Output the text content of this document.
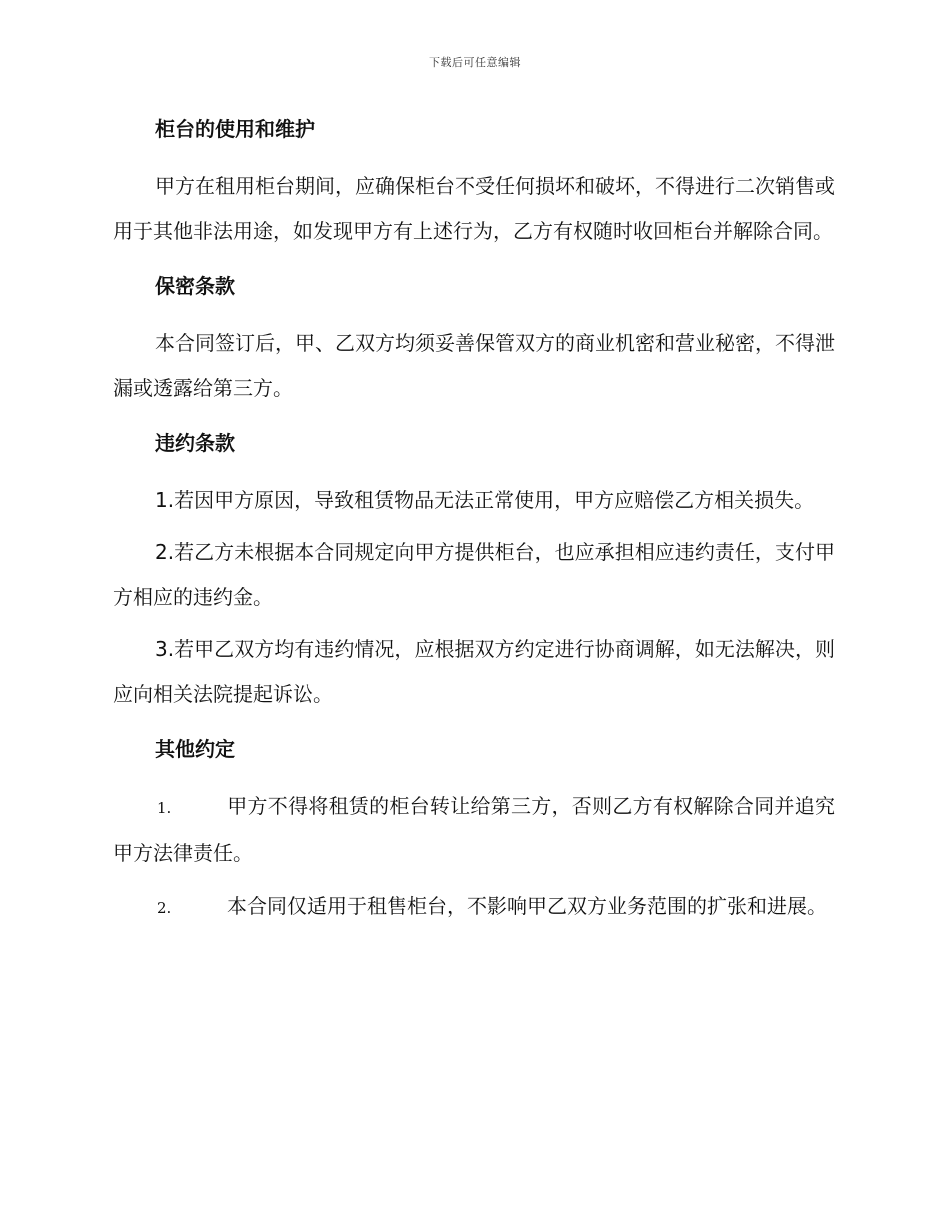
下载后可任意编辑
柜台的使用和维护

甲方在租用柜台期间，应确保柜台不受任何损坏和破坏，不得进行二次销售或用于其他非法用途，如发现甲方有上述行为，乙方有权随时收回柜台并解除合同。

保密条款

本合同签订后，甲、乙双方均须妥善保管双方的商业机密和营业秘密，不得泄漏或透露给第三方。

违约条款

1.若因甲方原因，导致租赁物品无法正常使用，甲方应赔偿乙方相关损失。

2.若乙方未根据本合同规定向甲方提供柜台，也应承担相应违约责任，支付甲方相应的违约金。

3.若甲乙双方均有违约情况，应根据双方约定进行协商调解，如无法解决，则应向相关法院提起诉讼。

其他约定

1.	甲方不得将租赁的柜台转让给第三方，否则乙方有权解除合同并追究甲方法律责任。

2.	本合同仅适用于租售柜台，不影响甲乙双方业务范围的扩张和进展。
